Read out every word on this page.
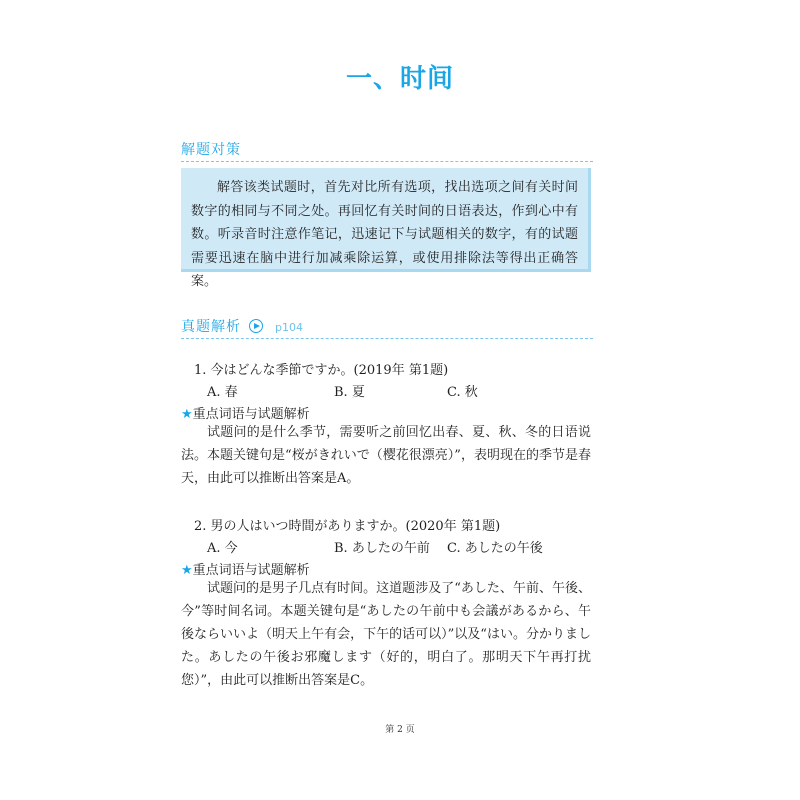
一、时间
解题对策
解答该类试题时，首先对比所有选项，找出选项之间有关时间数字的相同与不同之处。再回忆有关时间的日语表达，作到心中有数。听录音时注意作笔记，迅速记下与试题相关的数字，有的试题需要迅速在脑中进行加减乘除运算，或使用排除法等得出正确答案。
真题解析	p104
1. 今はどんな季節ですか。(2019年 第1题)
A. 春	B. 夏	C. 秋
★重点词语与试题解析
试题问的是什么季节，需要听之前回忆出春、夏、秋、冬的日语说法。本题关键句是“桜がきれいで（樱花很漂亮）”，表明现在的季节是春天，由此可以推断出答案是A。
2. 男の人はいつ時間がありますか。(2020年 第1题)
A. 今	B. あしたの午前 C. あしたの午後
★重点词语与试题解析
试题问的是男子几点有时间。这道题涉及了“あした、午前、午後、今”等时间名词。本题关键句是“あしたの午前中も会議があるから、午後ならいいよ（明天上午有会，下午的话可以）”以及“はい。分かりました。あしたの午後お邪魔します（好的，明白了。那明天下午再打扰您）”，由此可以推断出答案是C。
第 2 页
